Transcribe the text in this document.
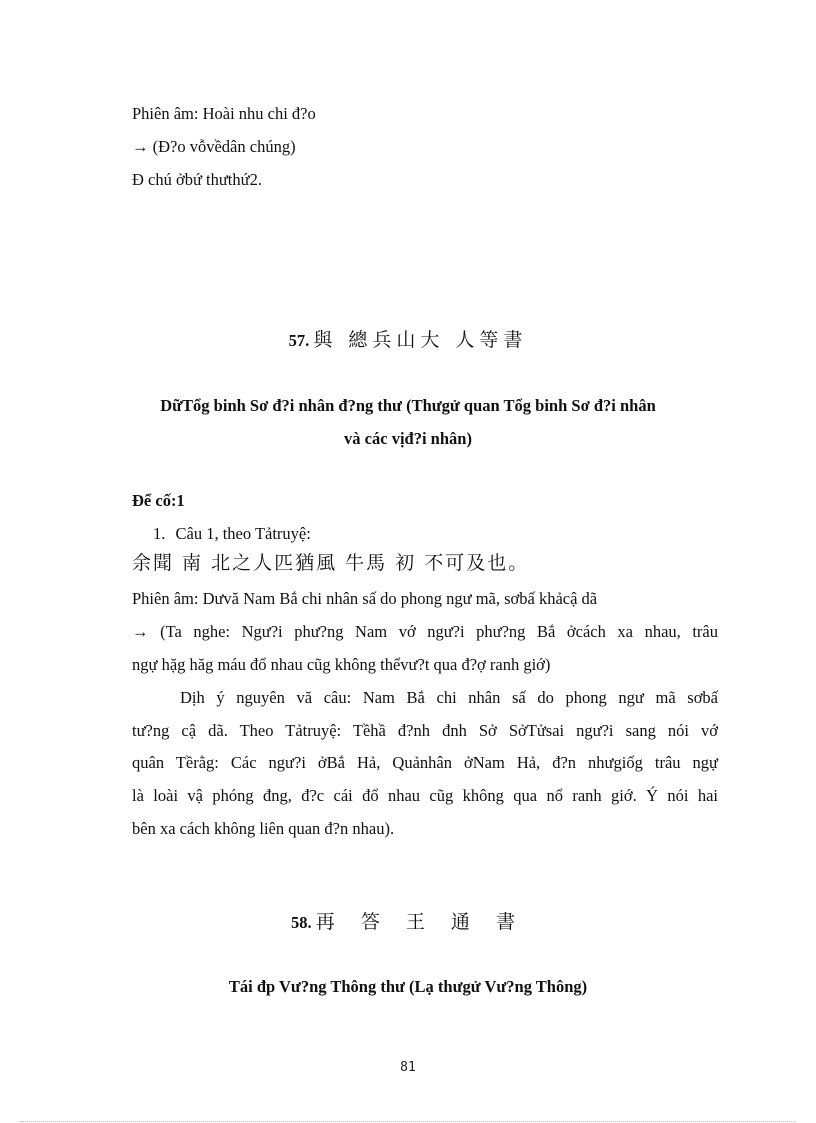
Phiên âm: Hoài nhu chi đ?o
→ (Đ?o vỗvềdân chúng)
Đ chú ởbứ thưthứ2.
57. 與 總兵山大 人等書
DữTổg binh Sơ đ?i nhân đ?ng thư (Thưgử quan Tổg binh Sơ đ?i nhân
và các vịđ?i nhân)
Để cố:1
1. Câu 1, theo Tảtruyệ:
余聞 南 北之人匹猶風 牛馬 初 不可及也。
Phiên âm: Dưvă Nam Bắ chi nhân sấ do phong ngư mã, sơbấ khảcậ dã
→ (Ta nghe: Ngư?i phư?ng Nam vớ ngư?i phư?ng Bắ ởcách xa nhau, trâu
ngự hặg hăg máu đổ nhau cũg không thểvư?t qua đ?ợ ranh giớ)
Dịh ý nguyên vă câu: Nam Bắ chi nhân sấ do phong ngư mã sơbấ
tư?ng cậ dã. Theo Tảtruyệ: Tềhầ đ?nh đnh Sở SởTửsai ngư?i sang nói vớ
quân Tềrằg: Các ngư?i ởBắ Hả, Quảnhân ởNam Hả, đ?n nhưgiốg trâu ngự
là loài vậ phóng đng, đ?c cái đổ nhau cũg không qua nổ ranh giớ. Ý nói hai
bên xa cách không liên quan đ?n nhau).
58. 再 答 王 通 書
Tái đp Vư?ng Thông thư (Lạ thưgử Vư?ng Thông)
81
